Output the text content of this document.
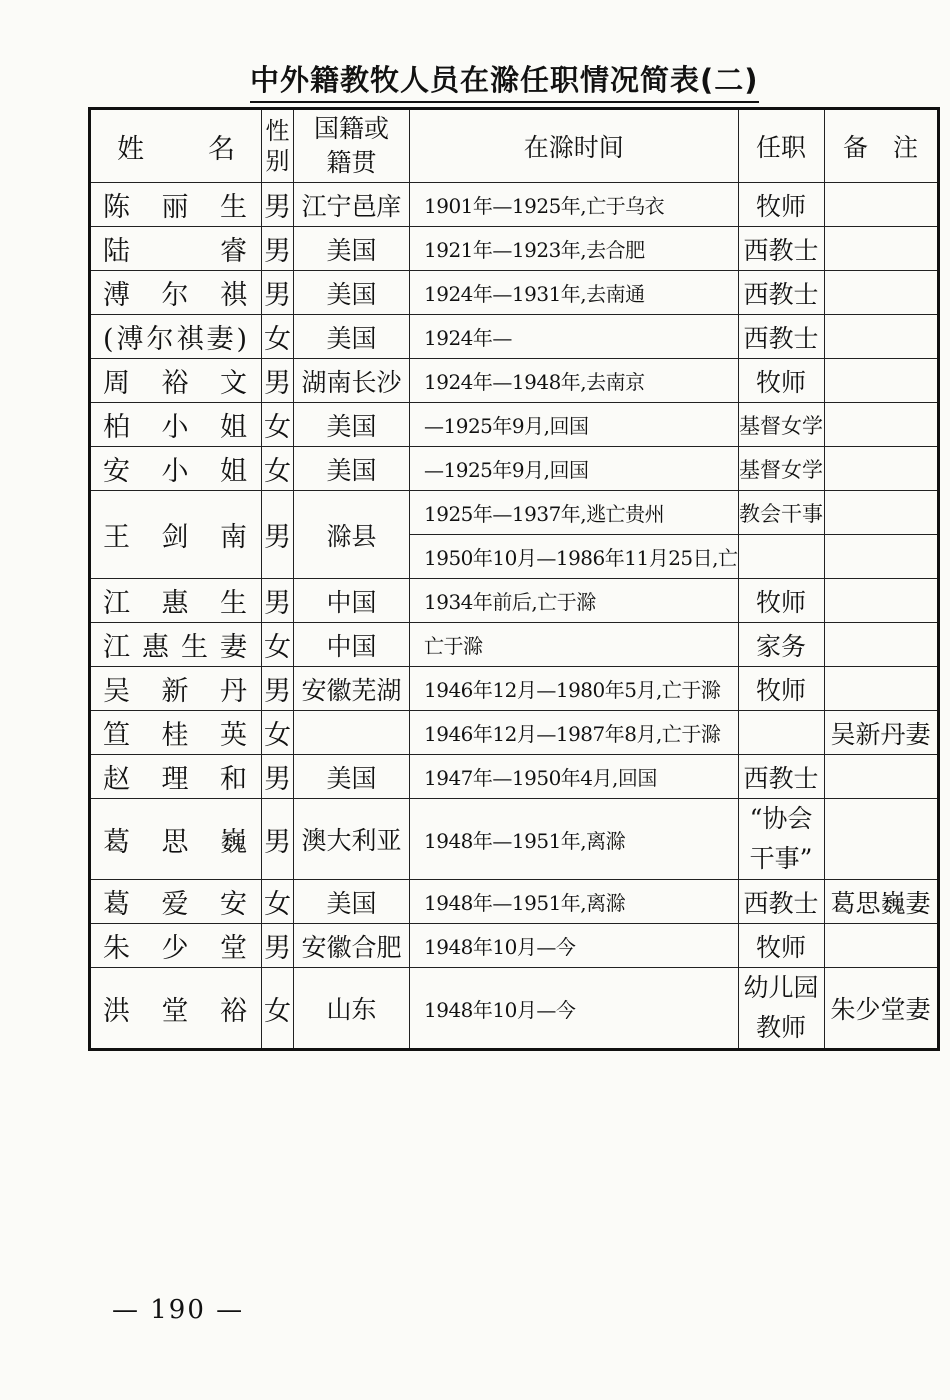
中外籍教牧人员在滁任职情况简表(二)
姓　　名	性别	国籍或籍贯	在滁时间	任职	备　注
陈丽生	男	江宁邑庠	1901年—1925年,亡于乌衣	牧师	
陆睿	男	美国	1921年—1923年,去合肥	西教士	
溥尔祺	男	美国	1924年—1931年,去南通	西教士	
(溥尔祺妻)	女	美国	1924年—	西教士	
周裕文	男	湖南长沙	1924年—1948年,去南京	牧师	
柏小姐	女	美国	—1925年9月,回国	基督女学	
安小姐	女	美国	—1925年9月,回国	基督女学	
王剑南	男	滁县	1925年—1937年,逃亡贵州	教会干事	
			1950年10月—1986年11月25日,亡		
江惠生	男	中国	1934年前后,亡于滁	牧师	
江惠生妻	女	中国	亡于滁	家务	
吴新丹	男	安徽芜湖	1946年12月—1980年5月,亡于滁	牧师	
笪桂英	女		1946年12月—1987年8月,亡于滁		吴新丹妻
赵理和	男	美国	1947年—1950年4月,回国	西教士	
葛思巍	男	澳大利亚	1948年—1951年,离滁	“协会干事”	
葛爱安	女	美国	1948年—1951年,离滁	西教士	葛思巍妻
朱少堂	男	安徽合肥	1948年10月—今	牧师	
洪堂裕	女	山东	1948年10月—今	幼儿园教师	朱少堂妻
— 190 —
